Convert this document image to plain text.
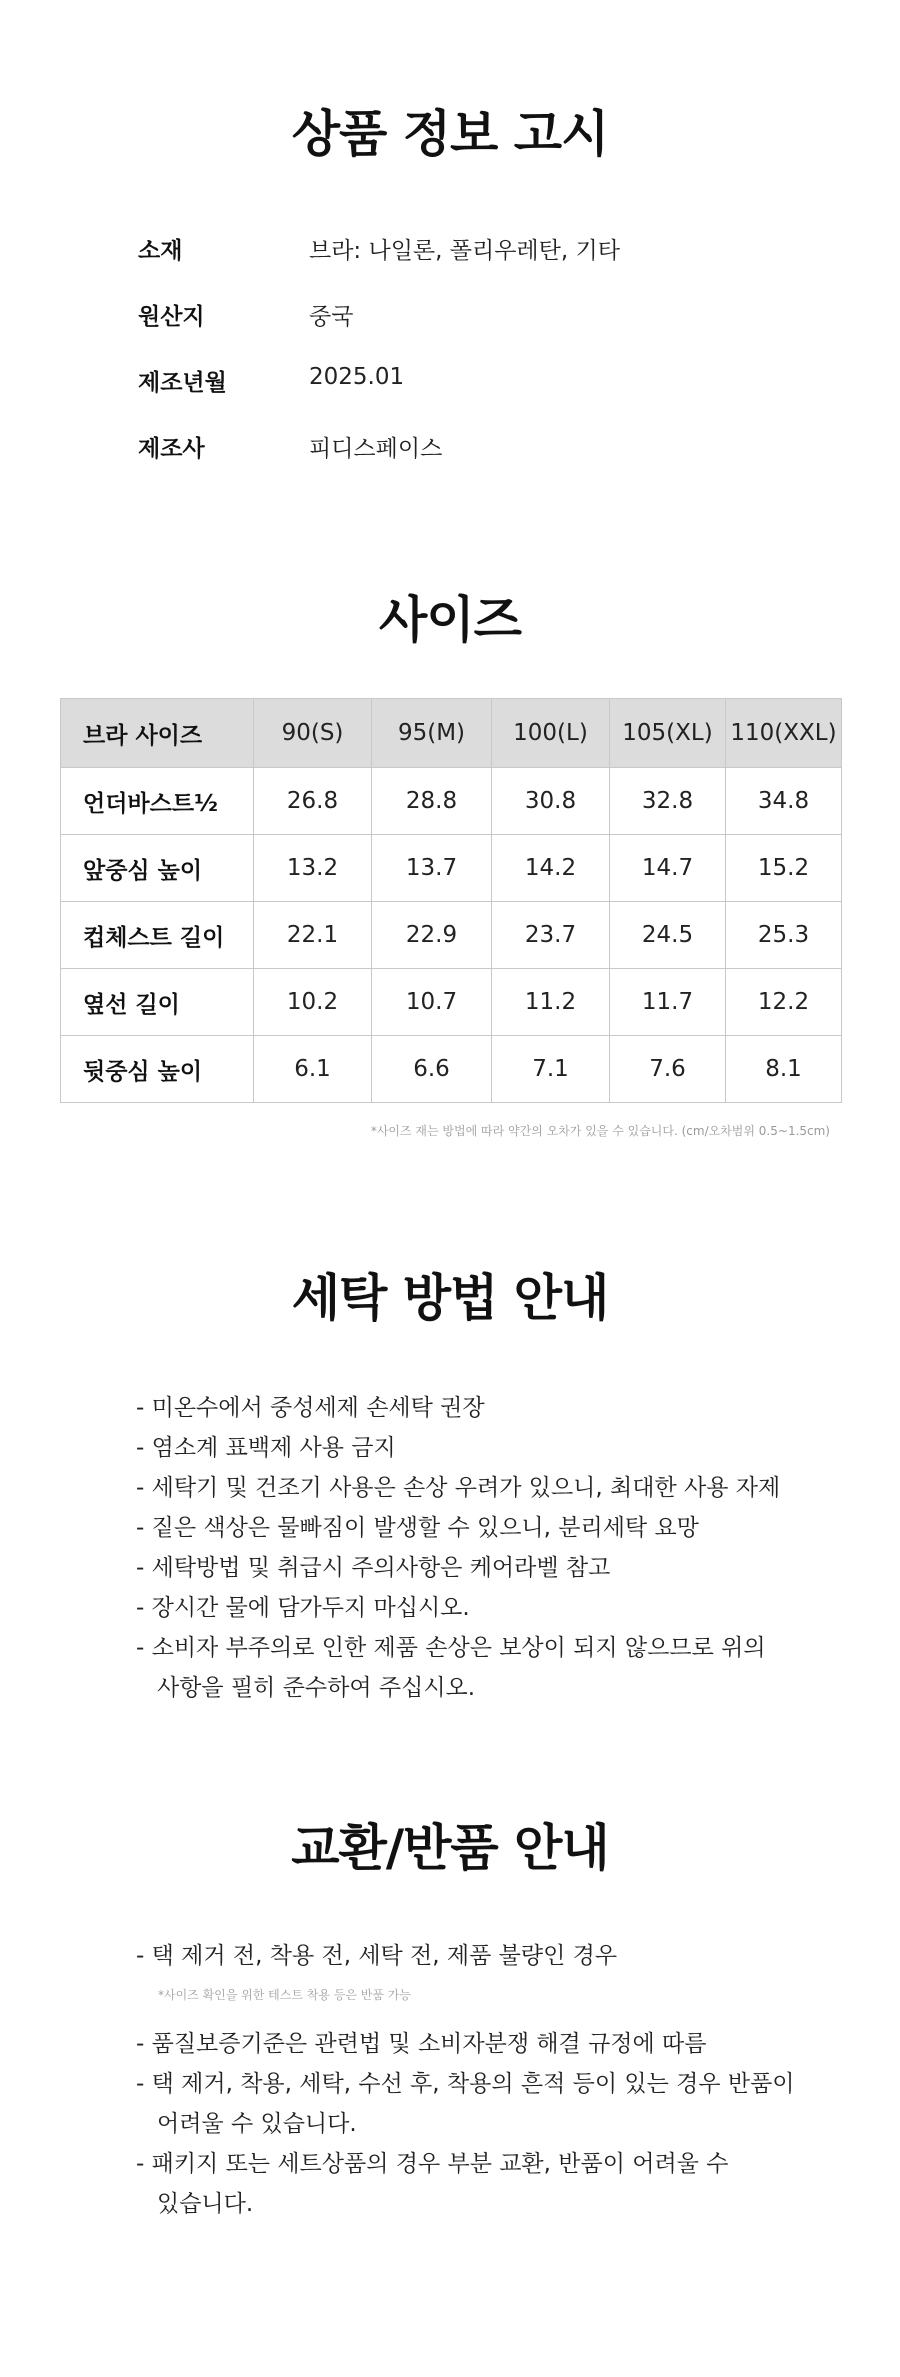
상품 정보 고시
소재	브라: 나일론, 폴리우레탄, 기타
원산지	중국
제조년월	2025.01
제조사	피디스페이스
사이즈
브라 사이즈	90(S)	95(M)	100(L)	105(XL)	110(XXL)
언더바스트½	26.8	28.8	30.8	32.8	34.8
앞중심 높이	13.2	13.7	14.2	14.7	15.2
컵체스트 길이	22.1	22.9	23.7	24.5	25.3
옆선 길이	10.2	10.7	11.2	11.7	12.2
뒷중심 높이	6.1	6.6	7.1	7.6	8.1
*사이즈 재는 방법에 따라 약간의 오차가 있을 수 있습니다. (cm/오차범위 0.5~1.5cm)
세탁 방법 안내
- 미온수에서 중성세제 손세탁 권장
- 염소계 표백제 사용 금지
- 세탁기 및 건조기 사용은 손상 우려가 있으니, 최대한 사용 자제
- 짙은 색상은 물빠짐이 발생할 수 있으니, 분리세탁 요망
- 세탁방법 및 취급시 주의사항은 케어라벨 참고
- 장시간 물에 담가두지 마십시오.
- 소비자 부주의로 인한 제품 손상은 보상이 되지 않으므로 위의
사항을 필히 준수하여 주십시오.
교환/반품 안내
- 택 제거 전, 착용 전, 세탁 전, 제품 불량인 경우
*사이즈 확인을 위한 테스트 착용 등은 반품 가능
- 품질보증기준은 관련법 및 소비자분쟁 해결 규정에 따름
- 택 제거, 착용, 세탁, 수선 후, 착용의 흔적 등이 있는 경우 반품이
어려울 수 있습니다.
- 패키지 또는 세트상품의 경우 부분 교환, 반품이 어려울 수
있습니다.
